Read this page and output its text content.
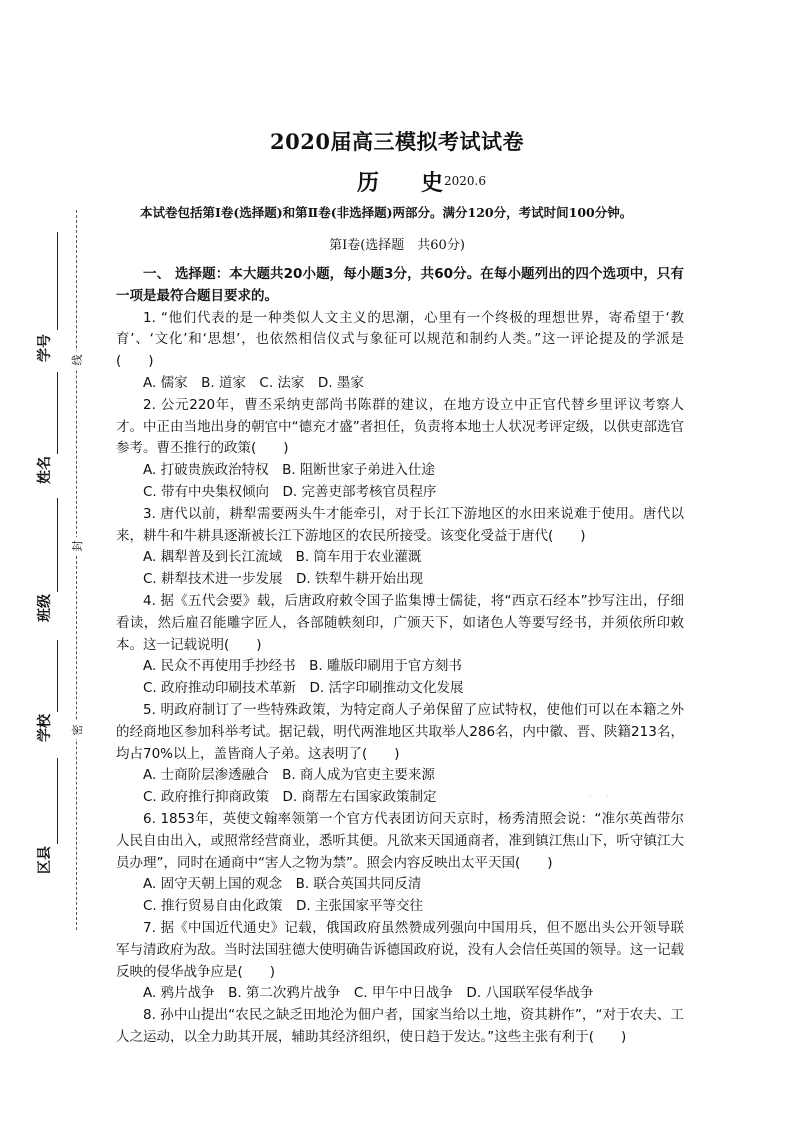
学号
姓名
班级
学校
区县
线
封
密
2020届高三模拟考试试卷
历 史 2020.6
本试卷包括第Ⅰ卷(选择题)和第Ⅱ卷(非选择题)两部分。满分120分，考试时间100分钟。
第Ⅰ卷(选择题　共60分)

一、 选择题：本大题共20小题，每小题3分，共60分。在每小题列出的四个选项中，只有一项是最符合题目要求的。

1. “他们代表的是一种类似人文主义的思潮，心里有一个终极的理想世界，寄希望于‘教育’、‘文化’和‘思想’，也依然相信仪式与象征可以规范和制约人类。”这一评论提及的学派是(　　)

A. 儒家　B. 道家　C. 法家　D. 墨家

2. 公元220年，曹丕采纳吏部尚书陈群的建议，在地方设立中正官代替乡里评议考察人才。中正由当地出身的朝官中“德充才盛”者担任，负责将本地士人状况考评定级，以供吏部选官参考。曹丕推行的政策(　　)

A. 打破贵族政治特权　B. 阻断世家子弟进入仕途

C. 带有中央集权倾向　D. 完善吏部考核官员程序

3. 唐代以前，耕犁需要两头牛才能牵引，对于长江下游地区的水田来说难于使用。唐代以来，耕牛和牛耕具逐渐被长江下游地区的农民所接受。该变化受益于唐代(　　)

A. 耦犁普及到长江流域　B. 筒车用于农业灌溉

C. 耕犁技术进一步发展　D. 铁犁牛耕开始出现

4. 据《五代会要》载，后唐政府敕令国子监集博士儒徒，将“西京石经本”抄写注出，仔细看读，然后雇召能雕字匠人，各部随帙刻印，广颁天下，如诸色人等要写经书，并须依所印敕本。这一记载说明(　　)

A. 民众不再使用手抄经书　B. 雕版印刷用于官方刻书

C. 政府推动印刷技术革新　D. 活字印刷推动文化发展

5. 明政府制订了一些特殊政策，为特定商人子弟保留了应试特权，使他们可以在本籍之外的经商地区参加科举考试。据记载，明代两淮地区共取举人286名，内中徽、晋、陕籍213名，均占70%以上，盖皆商人子弟。这表明了(　　)

A. 士商阶层渗透融合　B. 商人成为官吏主要来源

C. 政府推行抑商政策　D. 商帮左右国家政策制定

6. 1853年，英使文翰率领第一个官方代表团访问天京时，杨秀清照会说：“准尔英酋带尔人民自由出入，或照常经营商业，悉听其便。凡欲来天国通商者，准到镇江焦山下，听守镇江大员办理”，同时在通商中“害人之物为禁”。照会内容反映出太平天国(　　)

A. 固守天朝上国的观念　B. 联合英国共同反清

C. 推行贸易自由化政策　D. 主张国家平等交往

7. 据《中国近代通史》记载，俄国政府虽然赞成列强向中国用兵，但不愿出头公开领导联军与清政府为敌。当时法国驻德大使明确告诉德国政府说，没有人会信任英国的领导。这一记载反映的侵华战争应是(　　)

A. 鸦片战争　B. 第二次鸦片战争　C. 甲午中日战争　D. 八国联军侵华战争

8. 孙中山提出“农民之缺乏田地沦为佃户者，国家当给以土地，资其耕作”，“对于农夫、工人之运动，以全力助其开展，辅助其经济组织，使日趋于发达。”这些主张有利于(　　)

·　·
